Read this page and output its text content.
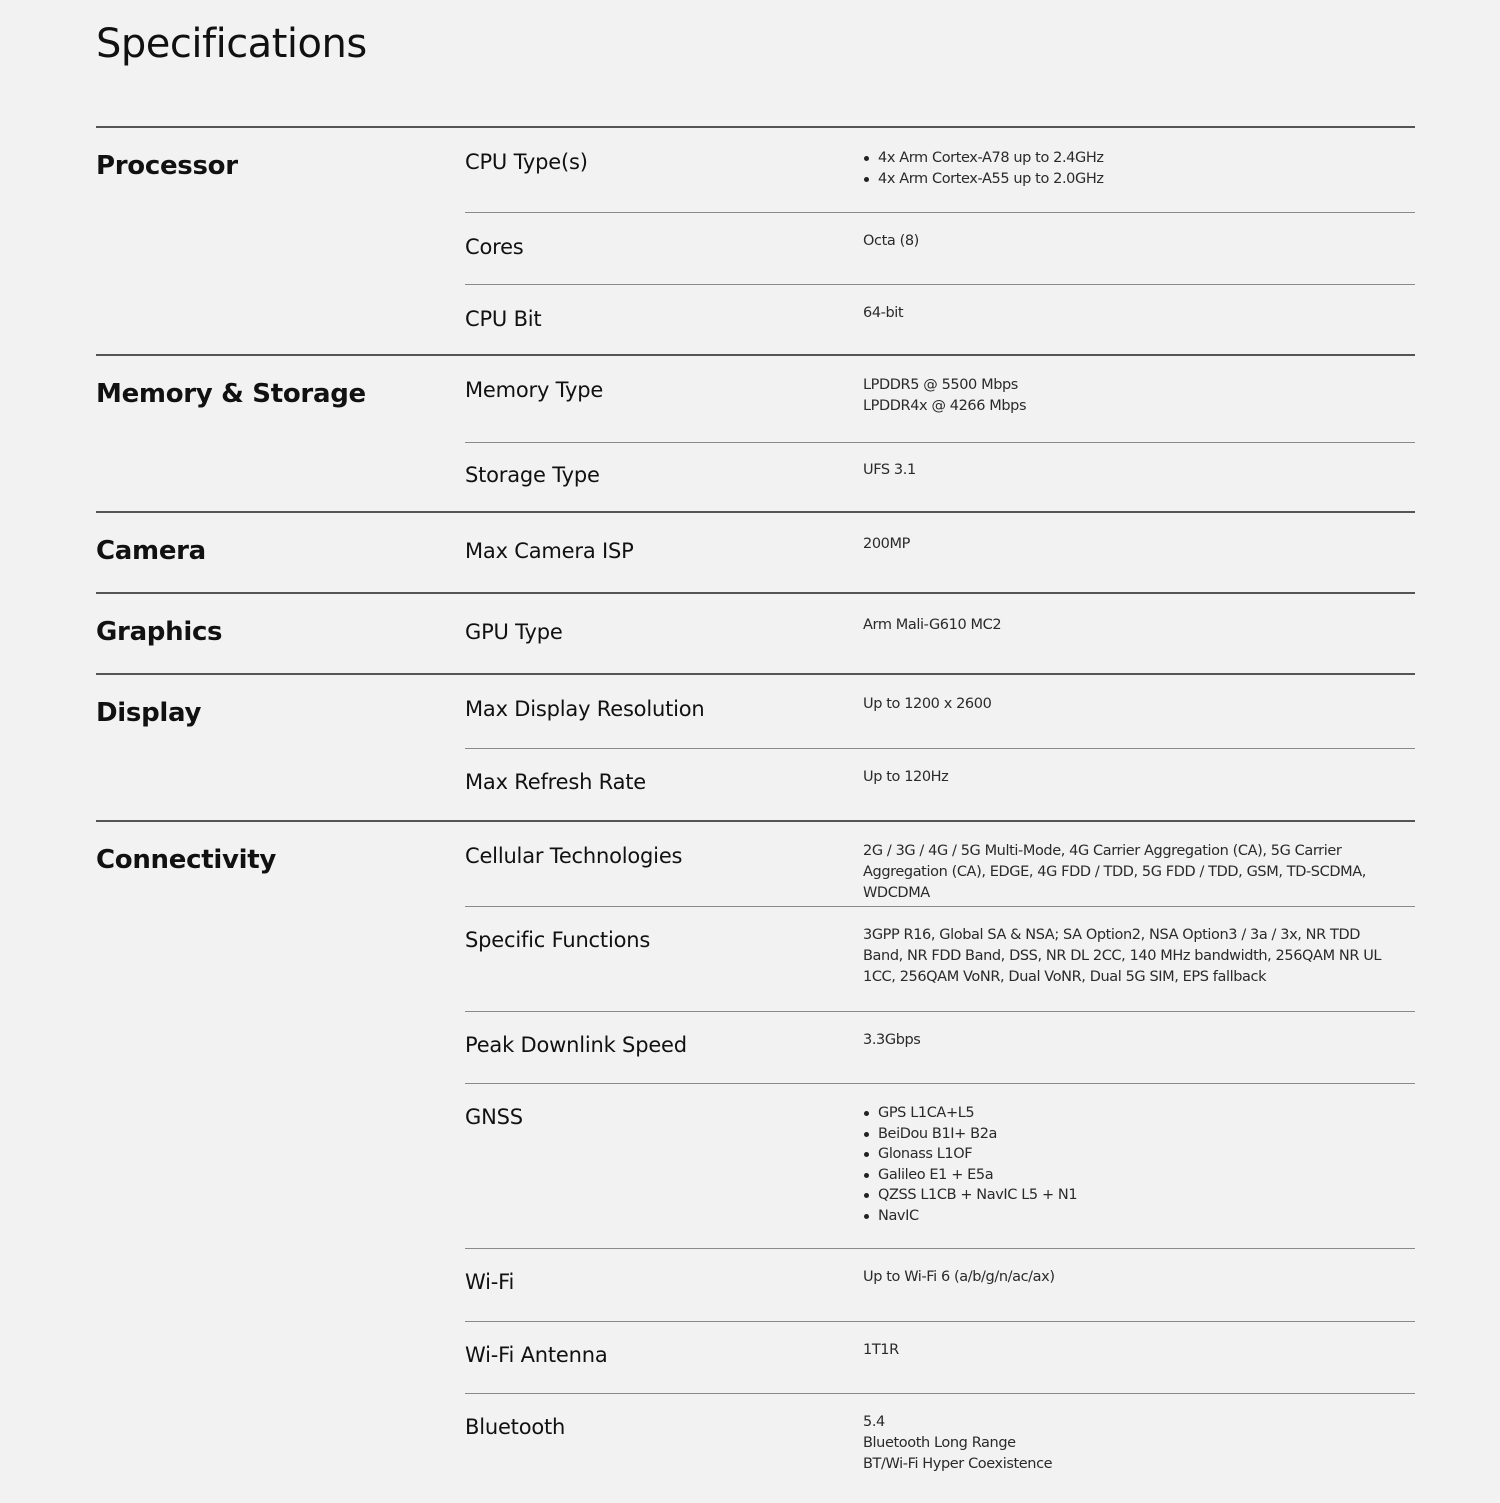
Specifications
Processor	CPU Type(s)	4x Arm Cortex-A78 up to 2.4GHz
4x Arm Cortex-A55 up to 2.0GHz
Cores	Octa (8)
CPU Bit	64-bit
Memory & Storage	Memory Type	LPDDR5 @ 5500 Mbps
LPDDR4x @ 4266 Mbps
Storage Type	UFS 3.1
Camera	Max Camera ISP	200MP
Graphics	GPU Type	Arm Mali-G610 MC2
Display	Max Display Resolution	Up to 1200 x 2600
Max Refresh Rate	Up to 120Hz
Connectivity	Cellular Technologies	2G / 3G / 4G / 5G Multi-Mode, 4G Carrier Aggregation (CA), 5G Carrier Aggregation (CA), EDGE, 4G FDD / TDD, 5G FDD / TDD, GSM, TD-SCDMA, WDCDMA
Specific Functions	3GPP R16, Global SA & NSA; SA Option2, NSA Option3 / 3a / 3x, NR TDD Band, NR FDD Band, DSS, NR DL 2CC, 140 MHz bandwidth, 256QAM NR UL 1CC, 256QAM VoNR, Dual VoNR, Dual 5G SIM, EPS fallback
Peak Downlink Speed	3.3Gbps
GNSS	GPS L1CA+L5
BeiDou B1I+ B2a
Glonass L1OF
Galileo E1 + E5a
QZSS L1CB + NavIC L5 + N1
NavIC
Wi-Fi	Up to Wi-Fi 6 (a/b/g/n/ac/ax)
Wi-Fi Antenna	1T1R
Bluetooth	5.4
Bluetooth Long Range
BT/Wi-Fi Hyper Coexistence
